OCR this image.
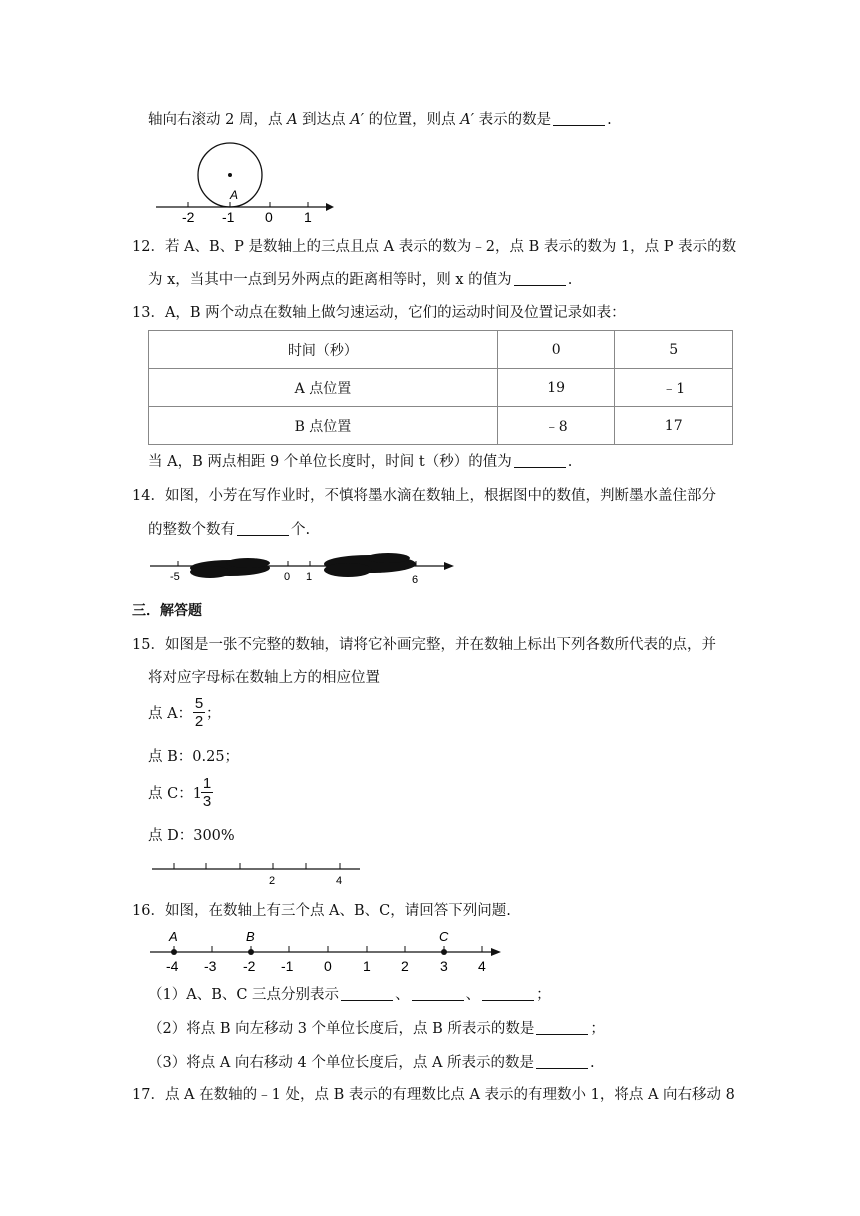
轴向右滚动 2 周，点 A 到达点 A′ 的位置，则点 A′ 表示的数是	.
A
-2 -1 0 1
12．若 A、B、P 是数轴上的三点且点 A 表示的数为﹣2，点 B 表示的数为 1，点 P 表示的数
为 x，当其中一点到另外两点的距离相等时，则 x 的值为	.
13．A，B 两个动点在数轴上做匀速运动，它们的运动时间及位置记录如表：
时间（秒）	0	5
A 点位置	19	﹣1
B 点位置	﹣8	17
当 A，B 两点相距 9 个单位长度时，时间 t（秒）的值为	.
14．如图，小芳在写作业时，不慎将墨水滴在数轴上，根据图中的数值，判断墨水盖住部分
的整数个数有	个.
-5	0 1	6
三．解答题
15．如图是一张不完整的数轴，请将它补画完整，并在数轴上标出下列各数所代表的点，并
将对应字母标在数轴上方的相应位置
点 A： $\frac{5}{2}$ ；
点 B：0.25；
点 C：$1 \frac{1}{3}$
点 D：300%
2	4
16．如图，在数轴上有三个点 A、B、C，请回答下列问题.
A	B	C
-4 -3 -2 -1 0 1 2 3 4
（1）A、B、C 三点分别表示	、	、	；
（2）将点 B 向左移动 3 个单位长度后，点 B 所表示的数是	；
（3）将点 A 向右移动 4 个单位长度后，点 A 所表示的数是	.
17．点 A 在数轴的﹣1 处，点 B 表示的有理数比点 A 表示的有理数小 1，将点 A 向右移动 8
